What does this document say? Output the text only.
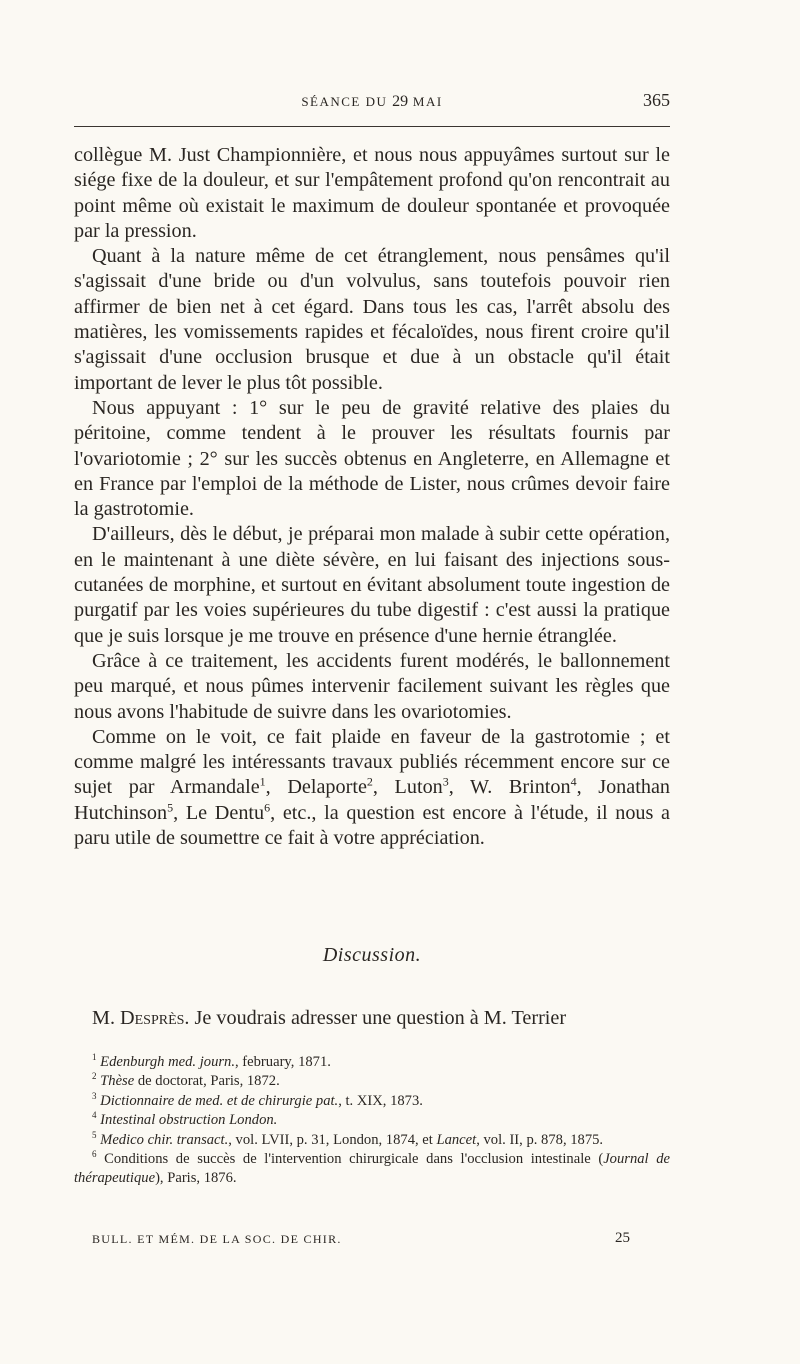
SÉANCE DU 29 MAI	365

collègue M. Just Championnière, et nous nous appuyâmes surtout sur le siége fixe de la douleur, et sur l'empâtement profond qu'on rencontrait au point même où existait le maximum de douleur spontanée et provoquée par la pression.

Quant à la nature même de cet étranglement, nous pensâmes qu'il s'agissait d'une bride ou d'un volvulus, sans toutefois pouvoir rien affirmer de bien net à cet égard. Dans tous les cas, l'arrêt absolu des matières, les vomissements rapides et fécaloïdes, nous firent croire qu'il s'agissait d'une occlusion brusque et due à un obstacle qu'il était important de lever le plus tôt possible.

Nous appuyant : 1° sur le peu de gravité relative des plaies du péritoine, comme tendent à le prouver les résultats fournis par l'ovariotomie ; 2° sur les succès obtenus en Angleterre, en Allemagne et en France par l'emploi de la méthode de Lister, nous crûmes devoir faire la gastrotomie.

D'ailleurs, dès le début, je préparai mon malade à subir cette opération, en le maintenant à une diète sévère, en lui faisant des injections sous-cutanées de morphine, et surtout en évitant absolument toute ingestion de purgatif par les voies supérieures du tube digestif : c'est aussi la pratique que je suis lorsque je me trouve en présence d'une hernie étranglée.

Grâce à ce traitement, les accidents furent modérés, le ballonnement peu marqué, et nous pûmes intervenir facilement suivant les règles que nous avons l'habitude de suivre dans les ovariotomies.

Comme on le voit, ce fait plaide en faveur de la gastrotomie ; et comme malgré les intéressants travaux publiés récemment encore sur ce sujet par Armandale$^1$, Delaporte$^2$, Luton$^3$, W. Brinton$^4$, Jonathan Hutchinson$^5$, Le Dentu$^6$, etc., la question est encore à l'étude, il nous a paru utile de soumettre ce fait à votre appréciation.

Discussion.

M. Desprès. Je voudrais adresser une question à M. Terrier

$^1$ Edenburgh med. journ., february, 1871.

$^2$ Thèse de doctorat, Paris, 1872.

$^3$ Dictionnaire de med. et de chirurgie pat., t. XIX, 1873.

$^4$ Intestinal obstruction London.

$^5$ Medico chir. transact., vol. LVII, p. 31, London, 1874, et Lancet, vol. II, p. 878, 1875.

$^6$ Conditions de succès de l'intervention chirurgicale dans l'occlusion intestinale (Journal de thérapeutique), Paris, 1876.

BULL. ET MÉM. DE LA SOC. DE CHIR.	25
